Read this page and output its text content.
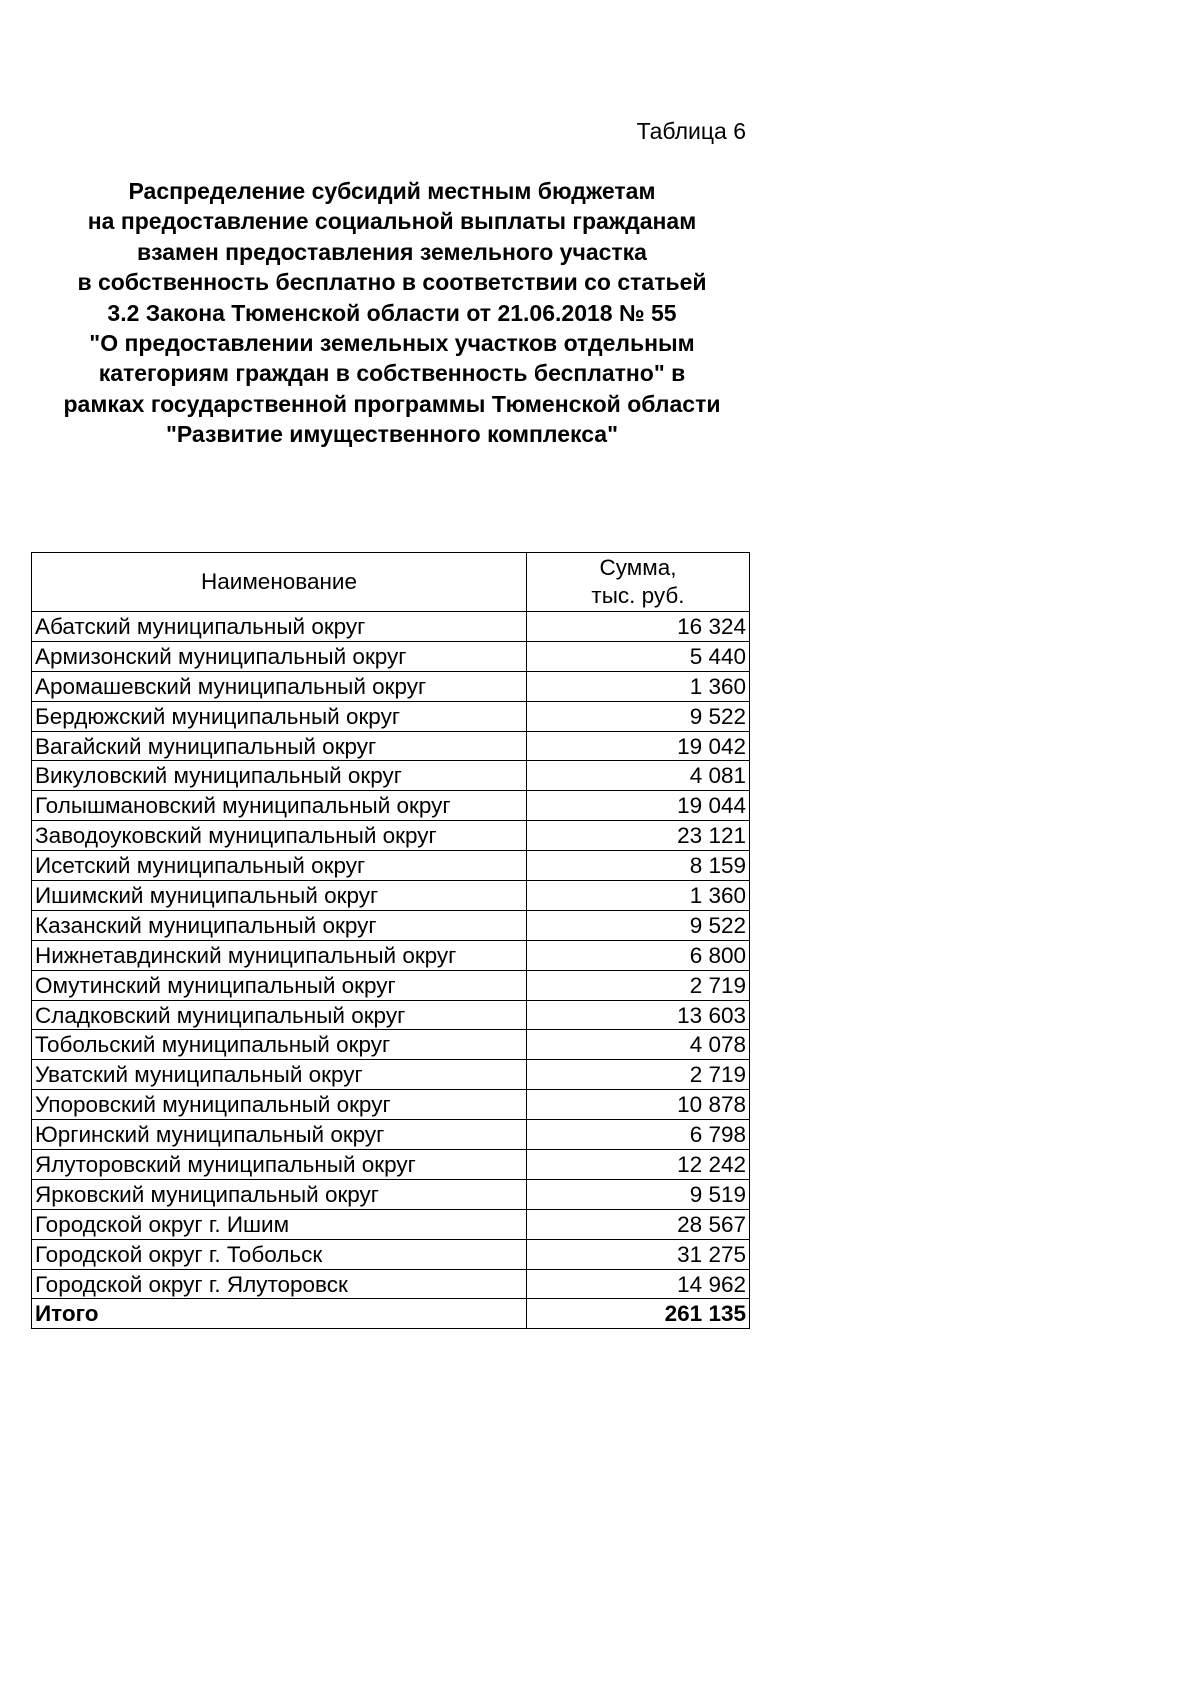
Таблица 6
Распределение субсидий местным бюджетам
на предоставление социальной выплаты гражданам
взамен предоставления земельного участка
в собственность бесплатно в соответствии со статьей
3.2 Закона Тюменской области от 21.06.2018 № 55
"О предоставлении земельных участков отдельным
категориям граждан в собственность бесплатно" в
рамках государственной программы Тюменской области
"Развитие имущественного комплекса"
Наименование	Сумма,
тыс. руб.
Абатский муниципальный округ	16 324
Армизонский муниципальный округ	5 440
Аромашевский муниципальный округ	1 360
Бердюжский муниципальный округ	9 522
Вагайский муниципальный округ	19 042
Викуловский муниципальный округ	4 081
Голышмановский муниципальный округ	19 044
Заводоуковский муниципальный округ	23 121
Исетский муниципальный округ	8 159
Ишимский муниципальный округ	1 360
Казанский муниципальный округ	9 522
Нижнетавдинский муниципальный округ	6 800
Омутинский муниципальный округ	2 719
Сладковский муниципальный округ	13 603
Тобольский муниципальный округ	4 078
Уватский муниципальный округ	2 719
Упоровский муниципальный округ	10 878
Юргинский муниципальный округ	6 798
Ялуторовский муниципальный округ	12 242
Ярковский муниципальный округ	9 519
Городской округ г. Ишим	28 567
Городской округ г. Тобольск	31 275
Городской округ г. Ялуторовск	14 962
Итого	261 135
